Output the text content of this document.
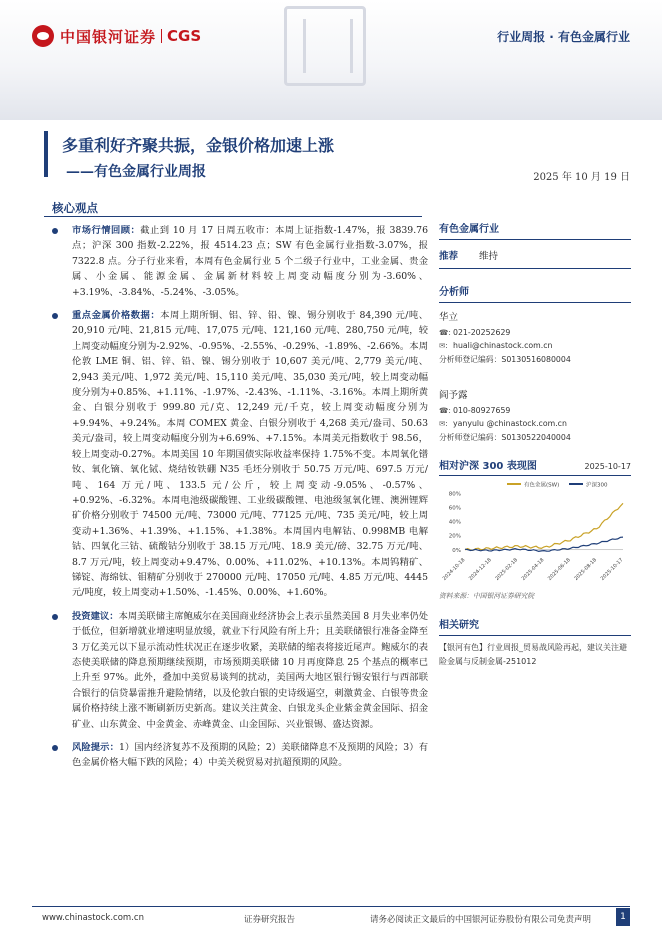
中国银河证券 CGS	行业周报 · 有色金属行业
多重利好齐聚共振，金银价格加速上涨
——有色金属行业周报	2025 年 10 月 19 日
核心观点
市场行情回顾：截止到 10 月 17 日周五收市：本周上证指数-1.47%，报 3839.76 点；沪深 300 指数-2.22%，报 4514.23 点；SW 有色金属行业指数-3.07%，报 7322.8 点。分子行业来看，本周有色金属行业 5 个二级子行业中，工业金属、贵金属、小金属、能源金属、金属新材料较上周变动幅度分别为-3.60%、+3.19%、-3.84%、-5.24%、-3.05%。
重点金属价格数据：本周上期所铜、铝、锌、铅、镍、锡分别收于 84,390 元/吨、20,910 元/吨、21,815 元/吨、17,075 元/吨、121,160 元/吨、280,750 元/吨，较上周变动幅度分别为-2.92%、-0.95%、-2.55%、-0.29%、-1.89%、-2.66%。本周伦敦 LME 铜、铝、锌、铅、镍、锡分别收于 10,607 美元/吨、2,779 美元/吨、2,943 美元/吨、1,972 美元/吨、15,110 美元/吨、35,030 美元/吨，较上周变动幅度分别为+0.85%、+1.11%、-1.97%、-2.43%、-1.11%、-3.16%。本周上期所黄金、白银分别收于 999.80 元/克、12,249 元/千克，较上周变动幅度分别为+9.94%、+9.24%。本周 COMEX 黄金、白银分别收于 4,268 美元/盎司、50.63 美元/盎司，较上周变动幅度分别为+6.69%、+7.15%。本周美元指数收于 98.56，较上周变动-0.27%。本周美国 10 年期国债实际收益率保持 1.75%不变。本周氧化镨钕、氧化镝、氧化铽、烧结钕铁硼 N35 毛坯分别收于 50.75 万元/吨、697.5 万元/吨、164 万元/吨、133.5 元/公斤，较上周变动-9.05%、-0.57%、+0.92%、-6.32%。本周电池级碳酸锂、工业级碳酸锂、电池级氢氧化锂、澳洲锂辉矿价格分别收于 74500 元/吨、73000 元/吨、77125 元/吨、735 美元/吨，较上周变动+1.36%、+1.39%、+1.15%、+1.38%。本周国内电解钴、0.998MB 电解钴、四氧化三钴、硫酸钴分别收于 38.15 万元/吨、18.9 美元/磅、32.75 万元/吨、8.7 万元/吨，较上周变动+9.47%、0.00%、+11.02%、+10.13%。本周钨精矿、锑锭、海绵钛、钼精矿分别收于 270000 元/吨、17050 元/吨、4.85 万元/吨、4445 元/吨度，较上周变动+1.50%、-1.45%、0.00%、+1.60%。
投资建议：本周美联储主席鲍威尔在美国商业经济协会上表示虽然美国 8 月失业率仍处于低位，但新增就业增速明显放缓，就业下行风险有所上升；且美联储银行准备金降至 3 万亿美元以下显示流动性状况正在逐步收紧，美联储的缩表将接近尾声。鲍威尔的表态使美联储的降息预期继续预期，市场预期美联储 10 月再度降息 25 个基点的概率已上升至 97%。此外，叠加中美贸易谈判的扰动，美国两大地区银行锡安银行与西部联合银行的信贷暴雷推升避险情绪，以及伦敦白银的史诗级逼空，刺激黄金、白银等贵金属价格持续上涨不断刷新历史新高。建议关注黄金、白银龙头企业紫金黄金国际、招金矿业、山东黄金、中金黄金、赤峰黄金、山金国际、兴业银锡、盛达资源。
风险提示：1）国内经济复苏不及预期的风险；2）美联储降息不及预期的风险；3）有色金属价格大幅下跌的风险；4）中美关税贸易对抗超预期的风险。
有色金属行业
推荐	维持
分析师
华立
☎: 021-20252629
✉: huali@chinastock.com.cn
分析师登记编码：S0130516080004
阎予露
☎: 010-80927659
✉: yanyulu @chinastock.com.cn
分析师登记编码：S0130522040004
相对沪深 300 表现图	2025-10-17
有色金属(SW)	沪深300
0%
20%
40%
60%
80%
2024-10-18 2024-12-18 2025-02-18 2025-04-18 2025-06-18 2025-08-18 2025-10-17
资料来源：中国银河证券研究院
相关研究
【银河有色】行业周报_贸易战风险再起，建议关注避险金属与反制金属-251012
www.chinastock.com.cn	证券研究报告	请务必阅读正文最后的中国银河证券股份有限公司免责声明	1
